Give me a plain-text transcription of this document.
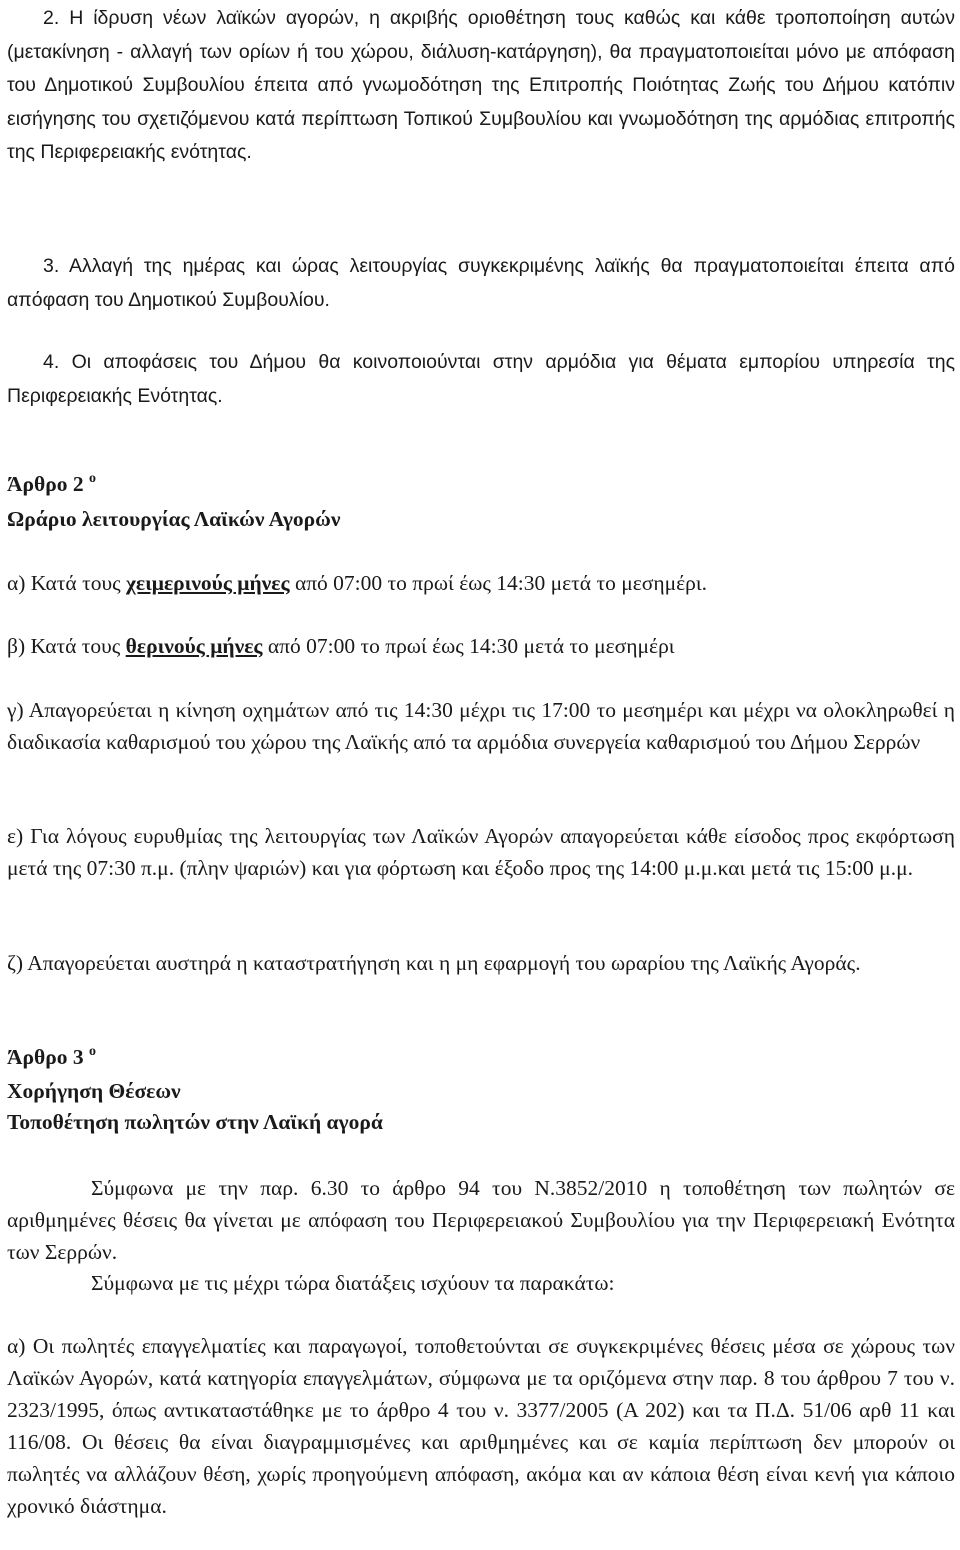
2. Η ίδρυση νέων λαϊκών αγορών, η ακριβής οριοθέτηση τους καθώς και κάθε τροποποίηση αυτών (μετακίνηση - αλλαγή των ορίων ή του χώρου, διάλυση-κατάργηση), θα πραγματοποιείται μόνο με απόφαση του Δημοτικού Συμβουλίου έπειτα από γνωμοδότηση της Επιτροπής Ποιότητας Ζωής του Δήμου κατόπιν εισήγησης του σχετιζόμενου κατά περίπτωση Τοπικού Συμβουλίου και γνωμοδότηση της αρμόδιας επιτροπής της Περιφερειακής ενότητας.

3. Αλλαγή της ημέρας και ώρας λειτουργίας συγκεκριμένης λαϊκής θα πραγματοποιείται έπειτα από απόφαση του Δημοτικού Συμβουλίου.

4. Οι αποφάσεις του Δήμου θα κοινοποιούνται στην αρμόδια για θέματα εμπορίου υπηρεσία της Περιφερειακής Ενότητας.

Άρθρο 2 $^o$
Ωράριο λειτουργίας Λαϊκών Αγορών

α) Κατά τους χειμερινούς μήνες από 07:00 το πρωί έως 14:30 μετά το μεσημέρι.

β) Κατά τους θερινούς μήνες από 07:00 το πρωί έως 14:30 μετά το μεσημέρι

γ) Απαγορεύεται η κίνηση οχημάτων από τις 14:30 μέχρι τις 17:00 το μεσημέρι και μέχρι να ολοκληρωθεί η διαδικασία καθαρισμού του χώρου της Λαϊκής από τα αρμόδια συνεργεία καθαρισμού του Δήμου Σερρών

ε) Για λόγους ευρυθμίας της λειτουργίας των Λαϊκών Αγορών απαγορεύεται κάθε είσοδος προς εκφόρτωση μετά της 07:30 π.μ. (πλην ψαριών) και για φόρτωση και έξοδο προς της 14:00 μ.μ.και μετά τις 15:00 μ.μ.

ζ) Απαγορεύεται αυστηρά η καταστρατήγηση και η μη εφαρμογή του ωραρίου της Λαϊκής Αγοράς.

Άρθρο 3 $^o$
Χορήγηση Θέσεων
Τοποθέτηση πωλητών στην Λαϊκή αγορά

Σύμφωνα με την παρ. 6.30 το άρθρο 94 του Ν.3852/2010 η τοποθέτηση των πωλητών σε αριθμημένες θέσεις θα γίνεται με απόφαση του Περιφερειακού Συμβουλίου για την Περιφερειακή Ενότητα των Σερρών.

Σύμφωνα με τις μέχρι τώρα διατάξεις ισχύουν τα παρακάτω:

α) Οι πωλητές επαγγελματίες και παραγωγοί, τοποθετούνται σε συγκεκριμένες θέσεις μέσα σε χώρους των Λαϊκών Αγορών, κατά κατηγορία επαγγελμάτων, σύμφωνα με τα οριζόμενα στην παρ. 8 του άρθρου 7 του ν. 2323/1995, όπως αντικαταστάθηκε με το άρθρο 4 του ν. 3377/2005 (Α 202) και τα Π.Δ. 51/06 αρθ 11 και 116/08. Οι θέσεις θα είναι διαγραμμισμένες και αριθμημένες και σε καμία περίπτωση δεν μπορούν οι πωλητές να αλλάζουν θέση, χωρίς προηγούμενη απόφαση, ακόμα και αν κάποια θέση είναι κενή για κάποιο χρονικό διάστημα.
